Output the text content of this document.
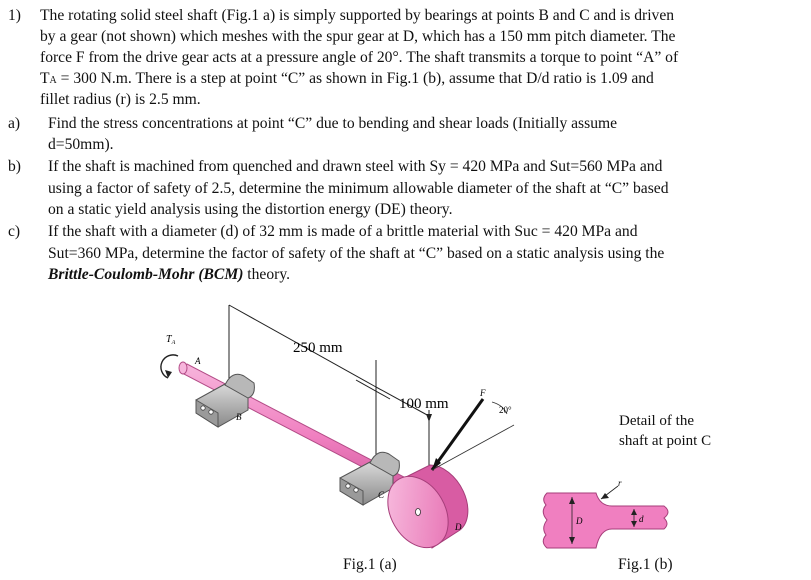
1) The rotating solid steel shaft (Fig.1 a) is simply supported by bearings at points B and C and is driven
by a gear (not shown) which meshes with the spur gear at D, which has a 150 mm pitch diameter. The
force F from the drive gear acts at a pressure angle of 20°. The shaft transmits a torque to point “A” of
TA = 300 N.m. There is a step at point “C” as shown in Fig.1 (b), assume that D/d ratio is 1.09 and
fillet radius (r) is 2.5 mm.
a) Find the stress concentrations at point “C” due to bending and shear loads (Initially assume
d=50mm).
b) If the shaft is machined from quenched and drawn steel with Sy = 420 MPa and Sut=560 MPa and
using a factor of safety of 2.5, determine the minimum allowable diameter of the shaft at “C” based
on a static yield analysis using the distortion energy (DE) theory.
c) If the shaft with a diameter (d) of 32 mm is made of a brittle material with Suc = 420 MPa and
Sut=360 MPa, determine the factor of safety of the shaft at “C” based on a static analysis using the
Brittle-Coulomb-Mohr (BCM) theory.
$T_A$
A
B
C
D
F
20°
250 mm
100 mm
r
D	d
Detail of the
shaft at point C
Fig.1 (a)	Fig.1 (b)
